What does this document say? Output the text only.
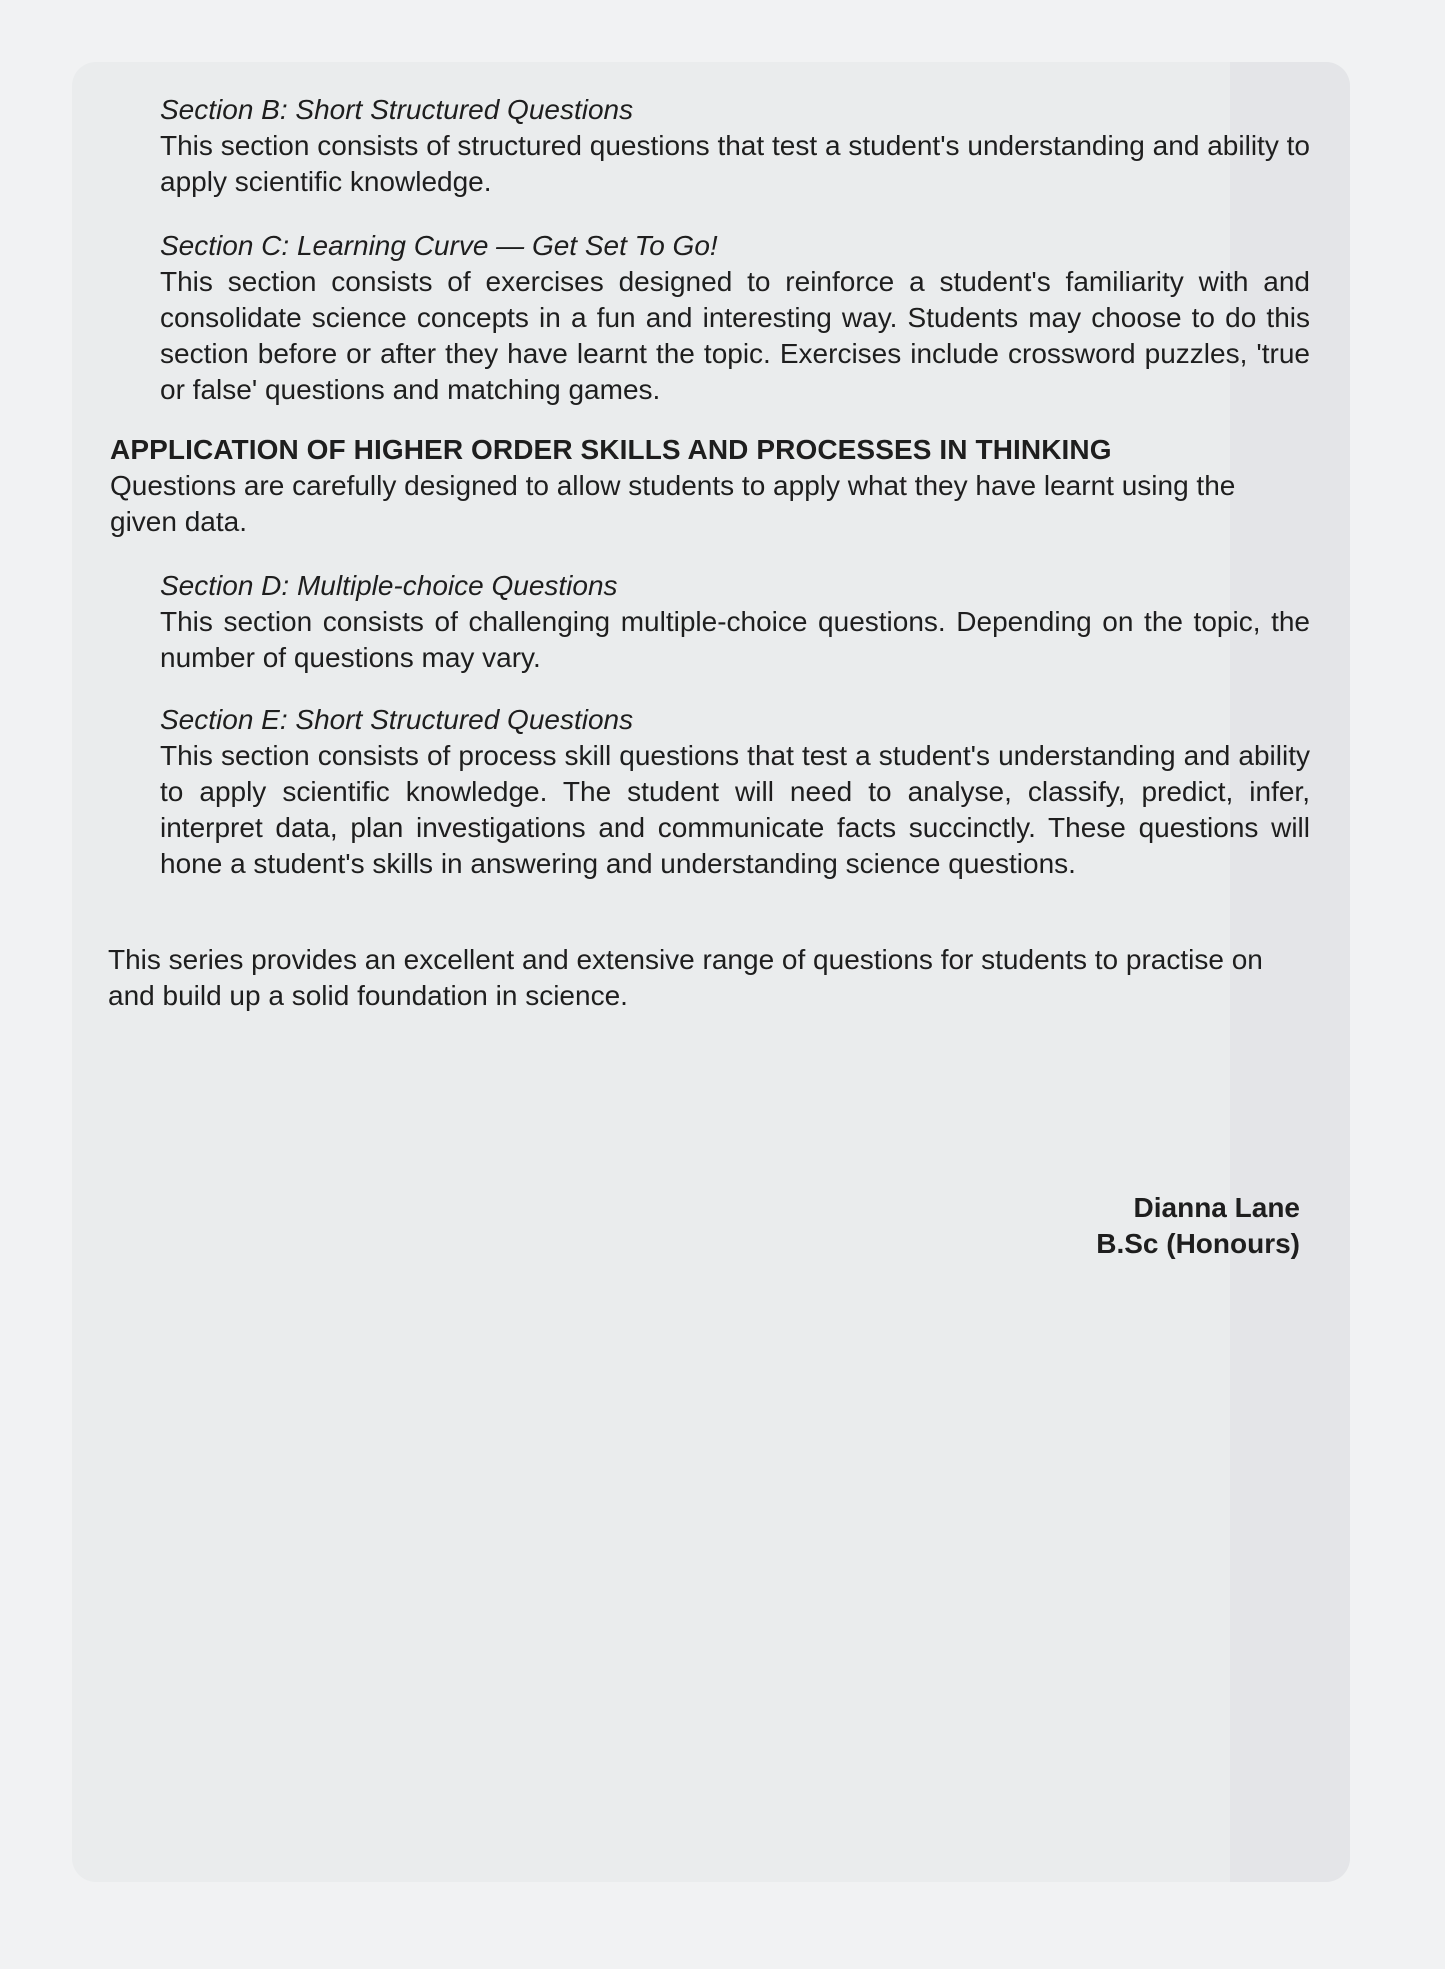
Section B: Short Structured Questions

This section consists of structured questions that test a student's understanding and ability to apply scientific knowledge.

Section C: Learning Curve — Get Set To Go!

This section consists of exercises designed to reinforce a student's familiarity with and consolidate science concepts in a fun and interesting way. Students may choose to do this section before or after they have learnt the topic. Exercises include crossword puzzles, 'true or false' questions and matching games.

APPLICATION OF HIGHER ORDER SKILLS AND PROCESSES IN THINKING

Questions are carefully designed to allow students to apply what they have learnt using the given data.

Section D: Multiple-choice Questions

This section consists of challenging multiple-choice questions. Depending on the topic, the number of questions may vary.

Section E: Short Structured Questions

This section consists of process skill questions that test a student's understanding and ability to apply scientific knowledge. The student will need to analyse, classify, predict, infer, interpret data, plan investigations and communicate facts succinctly. These questions will hone a student's skills in answering and understanding science questions.

This series provides an excellent and extensive range of questions for students to practise on and build up a solid foundation in science.

Dianna Lane

B.Sc (Honours)
